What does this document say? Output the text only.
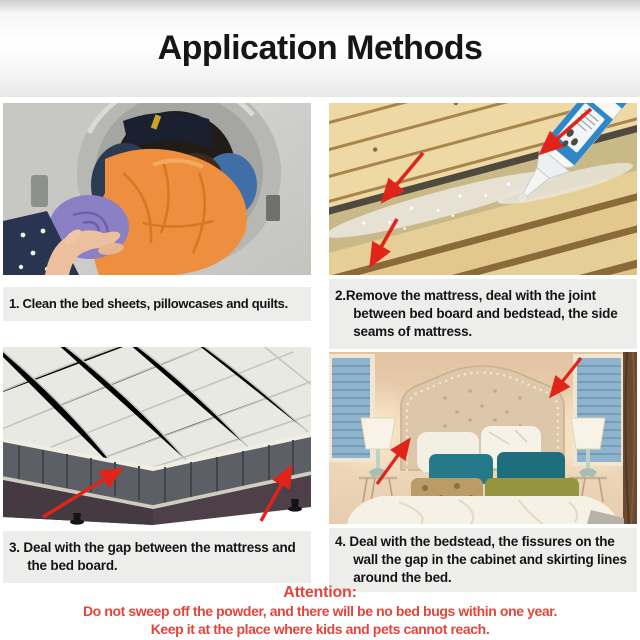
Application Methods
1. Clean the bed sheets, pillowcases and quilts.
2.Remove the mattress, deal with the joint between bed board and bedstead, the side seams of mattress.
3. Deal with the gap between the mattress and the bed board.
4. Deal with the bedstead, the fissures on the wall the gap in the cabinet and skirting lines around the bed.
Attention:
Do not sweep off the powder, and there will be no bed bugs within one year.
Keep it at the place where kids and pets cannot reach.
